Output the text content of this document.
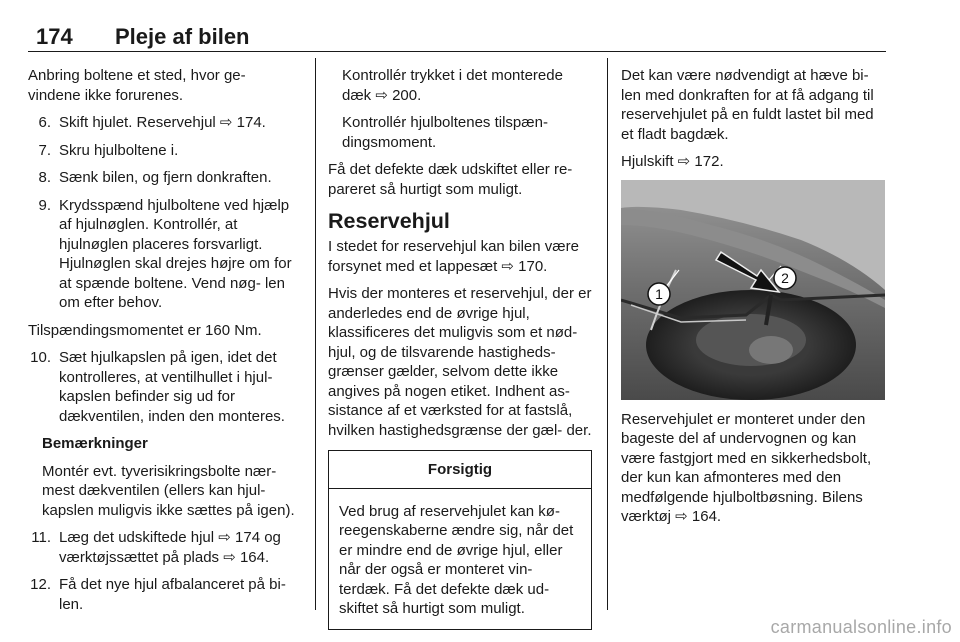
174 Pleje af bilen

Anbring boltene et sted, hvor ge- vindene ikke forurenes.

6. Skift hjulet. Reservehjul ⇨ 174.
7. Skru hjulboltene i.
8. Sænk bilen, og fjern donkraften.
9. Krydsspænd hjulboltene ved hjælp af hjulnøglen. Kontrollér, at hjulnøglen placeres forsvarligt. Hjulnøglen skal drejes højre om for at spænde boltene. Vend nøg- len om efter behov.

Tilspændingsmomentet er 160 Nm.

10. Sæt hjulkapslen på igen, idet det kontrolleres, at ventilhullet i hjul- kapslen befinder sig ud for dækventilen, inden den monteres.

Bemærkninger

Montér evt. tyverisikringsbolte nær- mest dækventilen (ellers kan hjul- kapslen muligvis ikke sættes på igen).

11. Læg det udskiftede hjul ⇨ 174 og værktøjssættet på plads ⇨ 164.
12. Få det nye hjul afbalanceret på bi- len.

Kontrollér trykket i det monterede dæk ⇨ 200.

Kontrollér hjulboltenes tilspæn- dingsmoment.

Få det defekte dæk udskiftet eller re- pareret så hurtigt som muligt.

Reservehjul

I stedet for reservehjul kan bilen være forsynet med et lappesæt ⇨ 170.

Hvis der monteres et reservehjul, der er anderledes end de øvrige hjul, klassificeres det muligvis som et nød- hjul, og de tilsvarende hastigheds- grænser gælder, selvom dette ikke angives på nogen etiket. Indhent as- sistance af et værksted for at fastslå, hvilken hastighedsgrænse der gæl- der.

Forsigtig
Ved brug af reservehjulet kan kø- reegenskaberne ændre sig, når det er mindre end de øvrige hjul, eller når der også er monteret vin- terdæk. Få det defekte dæk ud- skiftet så hurtigt som muligt.

Det kan være nødvendigt at hæve bi- len med donkraften for at få adgang til reservehjulet på en fuldt lastet bil med et fladt bagdæk.

Hjulskift ⇨ 172.

1
2

Reservehjulet er monteret under den bageste del af undervognen og kan være fastgjort med en sikkerhedsbolt, der kun kan afmonteres med den medfølgende hjulboltbøsning. Bilens værktøj ⇨ 164.

carmanualsonline.info
